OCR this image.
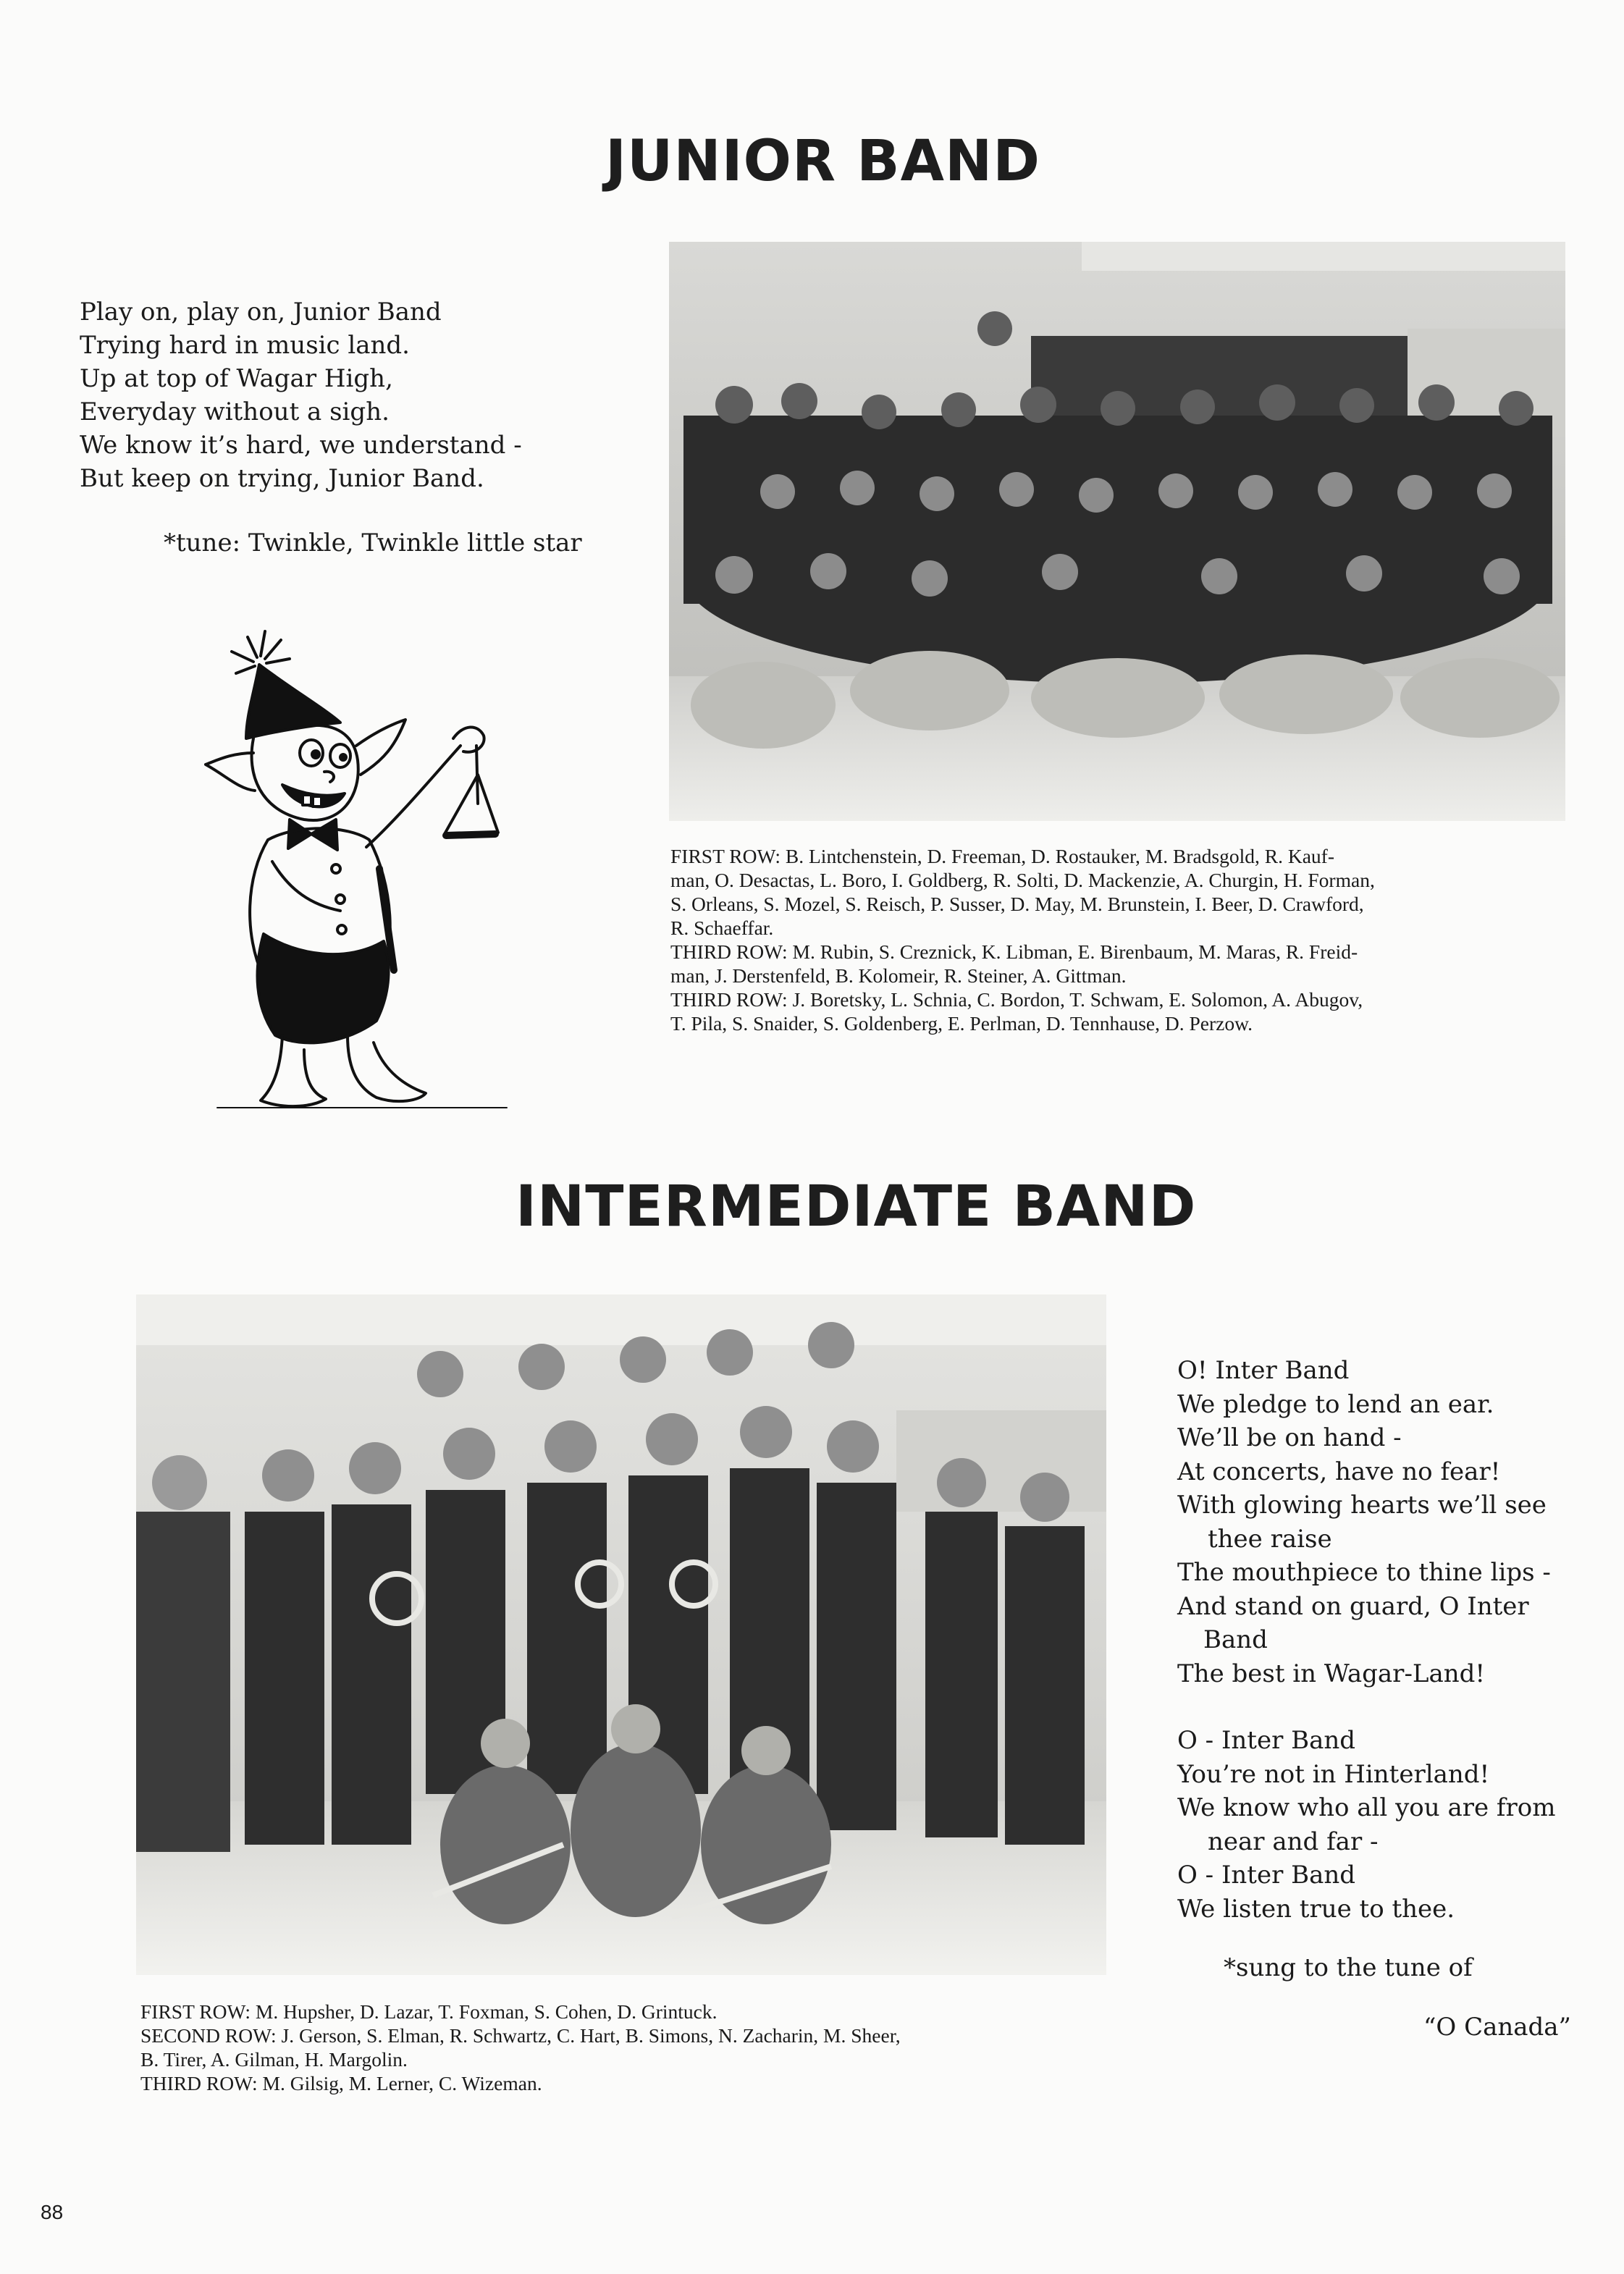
JUNIOR BAND
Play on, play on, Junior Band
Trying hard in music land.
Up at top of Wagar High,
Everyday without a sigh.
We know it’s hard, we understand -
But keep on trying, Junior Band.
*tune: Twinkle, Twinkle little star
FIRST ROW: B. Lintchenstein, D. Freeman, D. Rostauker, M. Bradsgold, R. Kauf-
man, O. Desactas, L. Boro, I. Goldberg, R. Solti, D. Mackenzie, A. Churgin, H. Forman,
S. Orleans, S. Mozel, S. Reisch, P. Susser, D. May, M. Brunstein, I. Beer, D. Crawford,
R. Schaeffar.
THIRD ROW: M. Rubin, S. Creznick, K. Libman, E. Birenbaum, M. Maras, R. Freid-
man, J. Derstenfeld, B. Kolomeir, R. Steiner, A. Gittman.
THIRD ROW: J. Boretsky, L. Schnia, C. Bordon, T. Schwam, E. Solomon, A. Abugov,
T. Pila, S. Snaider, S. Goldenberg, E. Perlman, D. Tennhause, D. Perzow.
INTERMEDIATE BAND
FIRST ROW: M. Hupsher, D. Lazar, T. Foxman, S. Cohen, D. Grintuck.
SECOND ROW: J. Gerson, S. Elman, R. Schwartz, C. Hart, B. Simons, N. Zacharin, M. Sheer,
B. Tirer, A. Gilman, H. Margolin.
THIRD ROW: M. Gilsig, M. Lerner, C. Wizeman.
O! Inter Band
We pledge to lend an ear.
We’ll be on hand -
At concerts, have no fear!
With glowing hearts we’ll see
thee raise
The mouthpiece to thine lips -
And stand on guard, O Inter
Band
The best in Wagar-Land!
O - Inter Band
You’re not in Hinterland!
We know who all you are from
near and far -
O - Inter Band
We listen true to thee.
*sung to the tune of
“O Canada”
88
